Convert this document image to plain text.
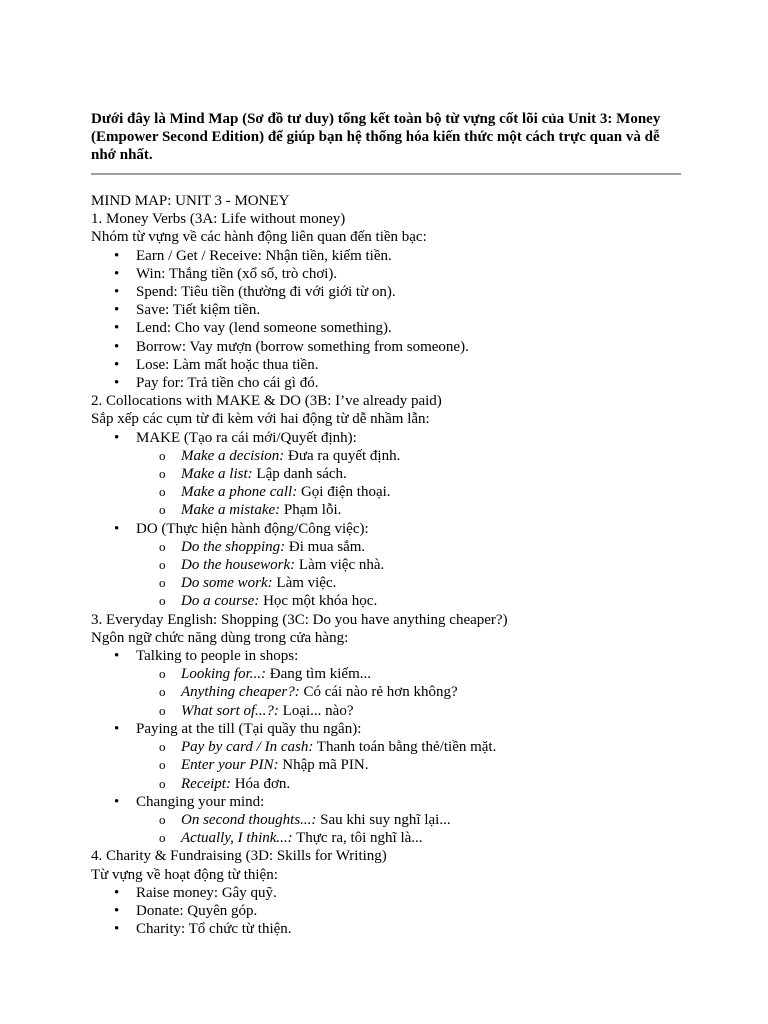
Dưới đây là Mind Map (Sơ đồ tư duy) tổng kết toàn bộ từ vựng cốt lõi của Unit 3: Money (Empower Second Edition) để giúp bạn hệ thống hóa kiến thức một cách trực quan và dễ nhớ nhất.

MIND MAP: UNIT 3 - MONEY
1. Money Verbs (3A: Life without money)
Nhóm từ vựng về các hành động liên quan đến tiền bạc:
• Earn / Get / Receive: Nhận tiền, kiếm tiền.
• Win: Thắng tiền (xổ số, trò chơi).
• Spend: Tiêu tiền (thường đi với giới từ on).
• Save: Tiết kiệm tiền.
• Lend: Cho vay (lend someone something).
• Borrow: Vay mượn (borrow something from someone).
• Lose: Làm mất hoặc thua tiền.
• Pay for: Trả tiền cho cái gì đó.
2. Collocations with MAKE & DO (3B: I’ve already paid)
Sắp xếp các cụm từ đi kèm với hai động từ dễ nhầm lẫn:
• MAKE (Tạo ra cái mới/Quyết định):
o Make a decision: Đưa ra quyết định.
o Make a list: Lập danh sách.
o Make a phone call: Gọi điện thoại.
o Make a mistake: Phạm lỗi.
• DO (Thực hiện hành động/Công việc):
o Do the shopping: Đi mua sắm.
o Do the housework: Làm việc nhà.
o Do some work: Làm việc.
o Do a course: Học một khóa học.
3. Everyday English: Shopping (3C: Do you have anything cheaper?)
Ngôn ngữ chức năng dùng trong cửa hàng:
• Talking to people in shops:
o Looking for...: Đang tìm kiếm...
o Anything cheaper?: Có cái nào rẻ hơn không?
o What sort of...?: Loại... nào?
• Paying at the till (Tại quầy thu ngân):
o Pay by card / In cash: Thanh toán bằng thẻ/tiền mặt.
o Enter your PIN: Nhập mã PIN.
o Receipt: Hóa đơn.
• Changing your mind:
o On second thoughts...: Sau khi suy nghĩ lại...
o Actually, I think...: Thực ra, tôi nghĩ là...
4. Charity & Fundraising (3D: Skills for Writing)
Từ vựng về hoạt động từ thiện:
• Raise money: Gây quỹ.
• Donate: Quyên góp.
• Charity: Tổ chức từ thiện.
